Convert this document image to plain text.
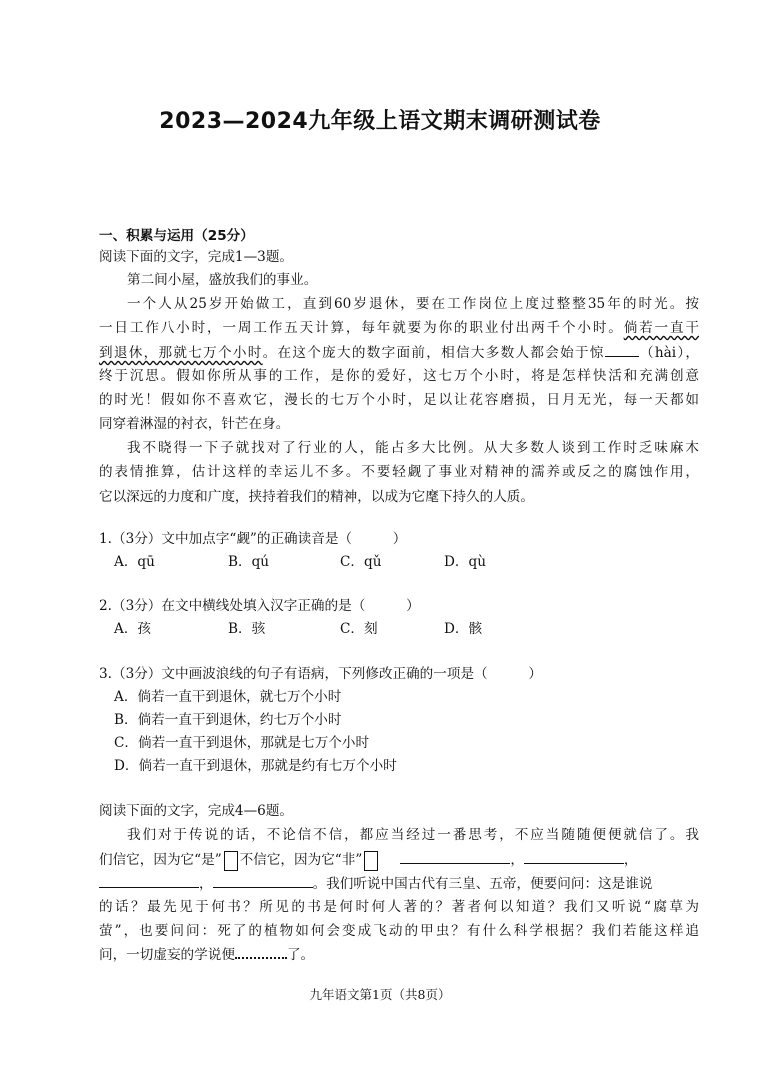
2023—2024九年级上语文期末调研测试卷
一、积累与运用（25分）
阅读下面的文字，完成1—3题。
第二间小屋，盛放我们的事业。
一个人从25岁开始做工，直到60岁退休，要在工作岗位上度过整整35年的时光。按
一日工作八小时，一周工作五天计算，每年就要为你的职业付出两千个小时。倘若一直干
到退休，那就七万个小时。在这个庞大的数字面前，相信大多数人都会始于惊	（hài），
终于沉思。假如你所从事的工作，是你的爱好，这七万个小时，将是怎样快活和充满创意
的时光！假如你不喜欢它，漫长的七万个小时，足以让花容磨损，日月无光，每一天都如
同穿着淋湿的衬衣，针芒在身。
我不晓得一下子就找对了行业的人，能占多大比例。从大多数人谈到工作时乏味麻木
的表情推算，估计这样的幸运儿不多。不要轻觑了事业对精神的濡养或反之的腐蚀作用，
它以深远的力度和广度，挟持着我们的精神，以成为它麾下持久的人质。
1.（3分）文中加点字“觑”的正确读音是（　　　）
A．qū	B．qú	C．qǔ	D．qù
2.（3分）在文中横线处填入汉字正确的是（　　　）
A．孩	B．骇	C．刻	D．骸
3.（3分）文中画波浪线的句子有语病，下列修改正确的一项是（　　　）
A．倘若一直干到退休，就七万个小时
B．倘若一直干到退休，约七万个小时
C．倘若一直干到退休，那就是七万个小时
D．倘若一直干到退休，那就是约有七万个小时
阅读下面的文字，完成4—6题。
我们对于传说的话，不论信不信，都应当经过一番思考，不应当随随便便就信了。我
们信它，因为它“是” 不信它，因为它“非”	，	，
，	。我们听说中国古代有三皇、五帝，便要问问：这是谁说
的话？最先见于何书？所见的书是何时何人著的？著者何以知道？我们又听说“腐草为
萤”，也要问问：死了的植物如何会变成飞动的甲虫？有什么科学根据？我们若能这样追
问，一切虚妄的学说便	了。
九年语文第1页（共8页）
